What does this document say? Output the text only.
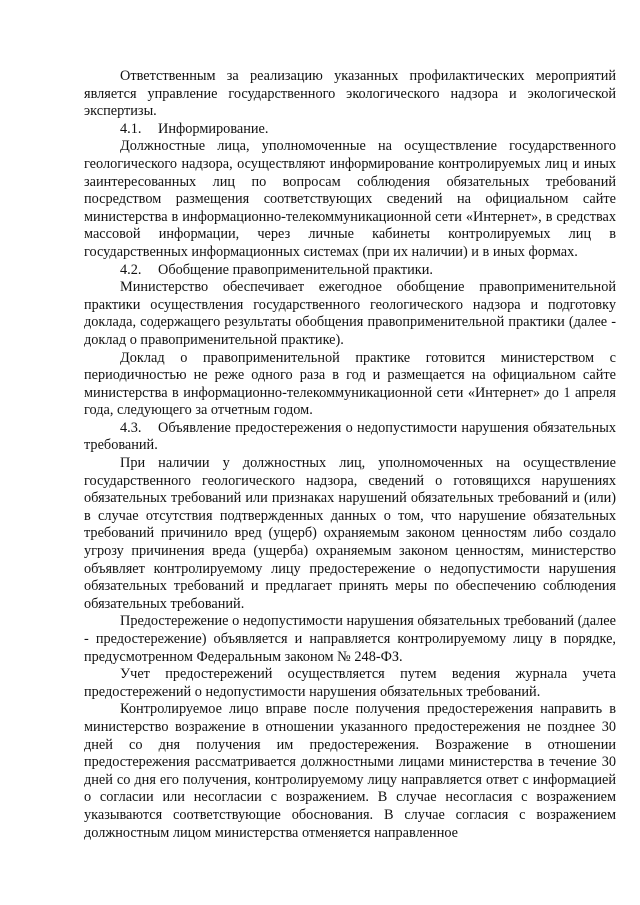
Ответственным за реализацию указанных профилактических мероприятий является управление государственного экологического надзора и экологической экспертизы.

4.1. Информирование.

Должностные лица, уполномоченные на осуществление государственного геологического надзора, осуществляют информирование контролируемых лиц и иных заинтересованных лиц по вопросам соблюдения обязательных требований посредством размещения соответствующих сведений на официальном сайте министерства в информационно-телекоммуникационной сети «Интернет», в средствах массовой информации, через личные кабинеты контролируемых лиц в государственных информационных системах (при их наличии) и в иных формах.

4.2. Обобщение правоприменительной практики.

Министерство обеспечивает ежегодное обобщение правоприменительной практики осуществления государственного геологического надзора и подготовку доклада, содержащего результаты обобщения правоприменительной практики (далее - доклад о правоприменительной практике).

Доклад о правоприменительной практике готовится министерством с периодичностью не реже одного раза в год и размещается на официальном сайте министерства в информационно-телекоммуникационной сети «Интернет» до 1 апреля года, следующего за отчетным годом.

4.3. Объявление предостережения о недопустимости нарушения обязательных требований.

При наличии у должностных лиц, уполномоченных на осуществление государственного геологического надзора, сведений о готовящихся нарушениях обязательных требований или признаках нарушений обязательных требований и (или) в случае отсутствия подтвержденных данных о том, что нарушение обязательных требований причинило вред (ущерб) охраняемым законом ценностям либо создало угрозу причинения вреда (ущерба) охраняемым законом ценностям, министерство объявляет контролируемому лицу предостережение о недопустимости нарушения обязательных требований и предлагает принять меры по обеспечению соблюдения обязательных требований.

Предостережение о недопустимости нарушения обязательных требований (далее - предостережение) объявляется и направляется контролируемому лицу в порядке, предусмотренном Федеральным законом № 248-ФЗ.

Учет предостережений осуществляется путем ведения журнала учета предостережений о недопустимости нарушения обязательных требований.

Контролируемое лицо вправе после получения предостережения направить в министерство возражение в отношении указанного предостережения не позднее 30 дней со дня получения им предостережения. Возражение в отношении предостережения рассматривается должностными лицами министерства в течение 30 дней со дня его получения, контролируемому лицу направляется ответ с информацией о согласии или несогласии с возражением. В случае несогласия с возражением указываются соответствующие обоснования. В случае согласия с возражением должностным лицом министерства отменяется направленное
